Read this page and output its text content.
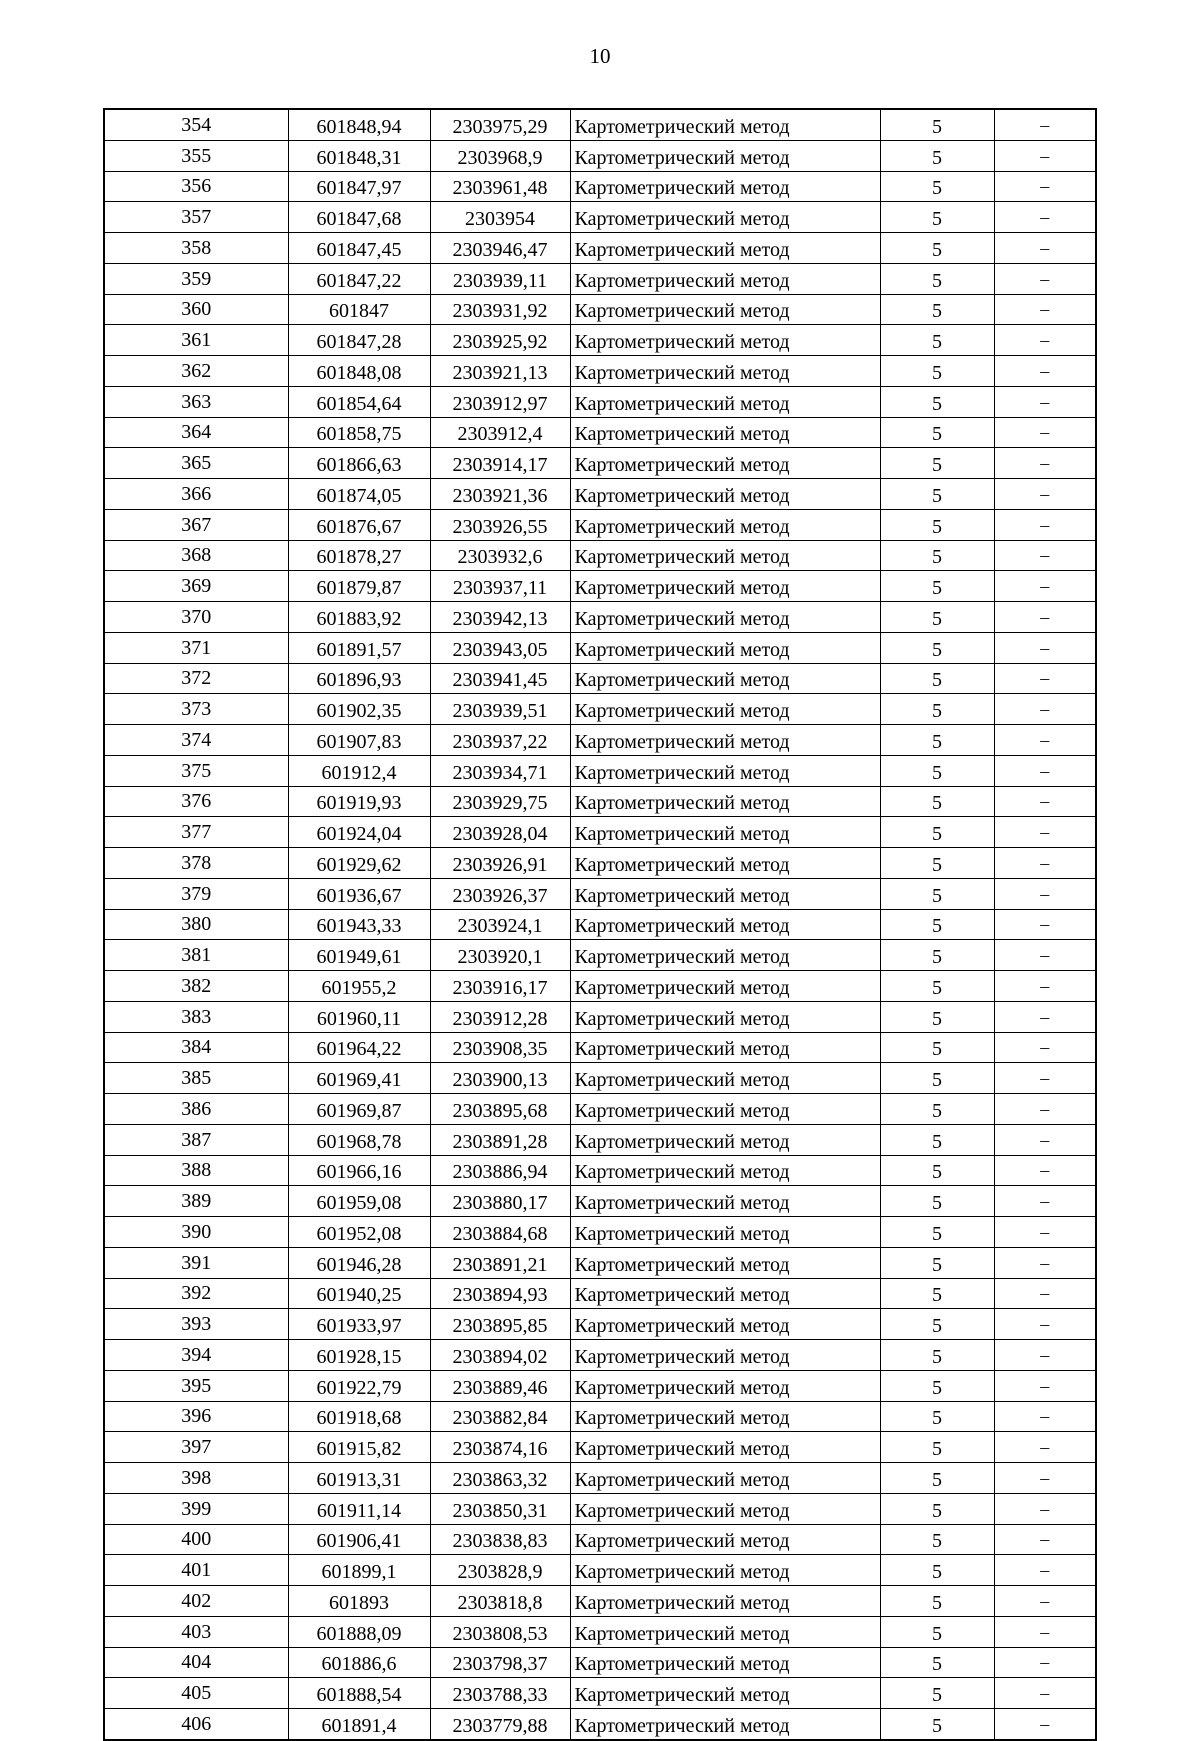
10
354	601848,94	2303975,29	Картометрический метод	5	–
355	601848,31	2303968,9	Картометрический метод	5	–
356	601847,97	2303961,48	Картометрический метод	5	–
357	601847,68	2303954	Картометрический метод	5	–
358	601847,45	2303946,47	Картометрический метод	5	–
359	601847,22	2303939,11	Картометрический метод	5	–
360	601847	2303931,92	Картометрический метод	5	–
361	601847,28	2303925,92	Картометрический метод	5	–
362	601848,08	2303921,13	Картометрический метод	5	–
363	601854,64	2303912,97	Картометрический метод	5	–
364	601858,75	2303912,4	Картометрический метод	5	–
365	601866,63	2303914,17	Картометрический метод	5	–
366	601874,05	2303921,36	Картометрический метод	5	–
367	601876,67	2303926,55	Картометрический метод	5	–
368	601878,27	2303932,6	Картометрический метод	5	–
369	601879,87	2303937,11	Картометрический метод	5	–
370	601883,92	2303942,13	Картометрический метод	5	–
371	601891,57	2303943,05	Картометрический метод	5	–
372	601896,93	2303941,45	Картометрический метод	5	–
373	601902,35	2303939,51	Картометрический метод	5	–
374	601907,83	2303937,22	Картометрический метод	5	–
375	601912,4	2303934,71	Картометрический метод	5	–
376	601919,93	2303929,75	Картометрический метод	5	–
377	601924,04	2303928,04	Картометрический метод	5	–
378	601929,62	2303926,91	Картометрический метод	5	–
379	601936,67	2303926,37	Картометрический метод	5	–
380	601943,33	2303924,1	Картометрический метод	5	–
381	601949,61	2303920,1	Картометрический метод	5	–
382	601955,2	2303916,17	Картометрический метод	5	–
383	601960,11	2303912,28	Картометрический метод	5	–
384	601964,22	2303908,35	Картометрический метод	5	–
385	601969,41	2303900,13	Картометрический метод	5	–
386	601969,87	2303895,68	Картометрический метод	5	–
387	601968,78	2303891,28	Картометрический метод	5	–
388	601966,16	2303886,94	Картометрический метод	5	–
389	601959,08	2303880,17	Картометрический метод	5	–
390	601952,08	2303884,68	Картометрический метод	5	–
391	601946,28	2303891,21	Картометрический метод	5	–
392	601940,25	2303894,93	Картометрический метод	5	–
393	601933,97	2303895,85	Картометрический метод	5	–
394	601928,15	2303894,02	Картометрический метод	5	–
395	601922,79	2303889,46	Картометрический метод	5	–
396	601918,68	2303882,84	Картометрический метод	5	–
397	601915,82	2303874,16	Картометрический метод	5	–
398	601913,31	2303863,32	Картометрический метод	5	–
399	601911,14	2303850,31	Картометрический метод	5	–
400	601906,41	2303838,83	Картометрический метод	5	–
401	601899,1	2303828,9	Картометрический метод	5	–
402	601893	2303818,8	Картометрический метод	5	–
403	601888,09	2303808,53	Картометрический метод	5	–
404	601886,6	2303798,37	Картометрический метод	5	–
405	601888,54	2303788,33	Картометрический метод	5	–
406	601891,4	2303779,88	Картометрический метод	5	–
